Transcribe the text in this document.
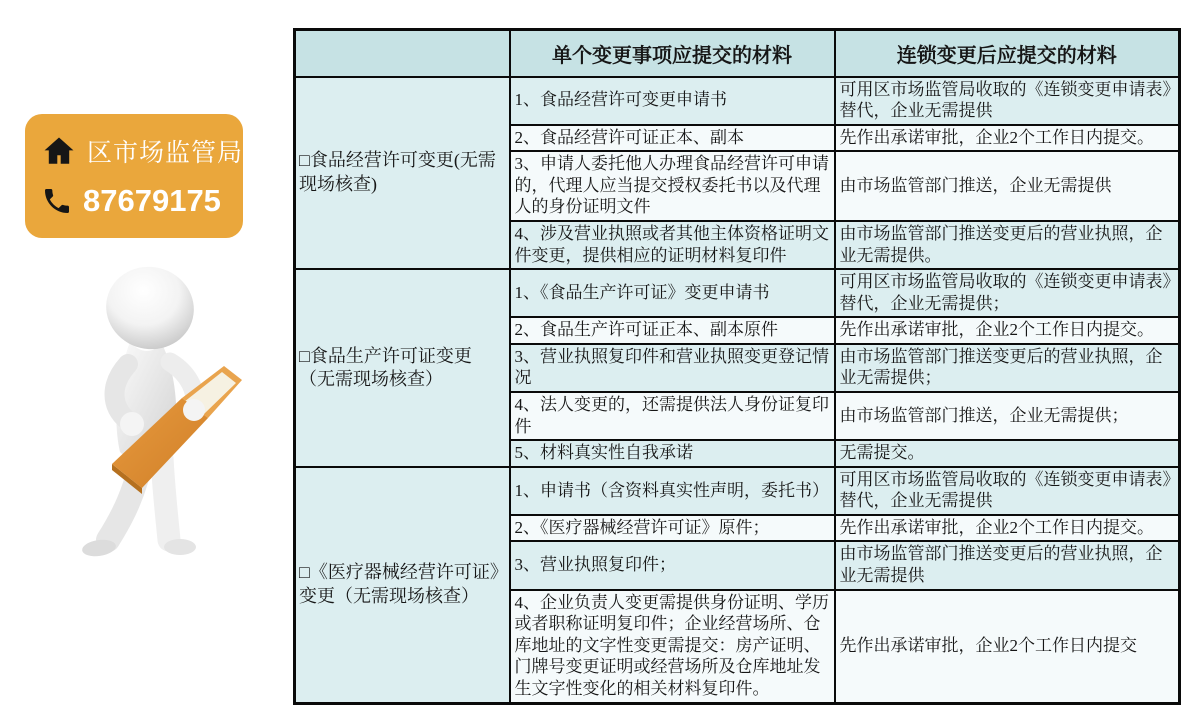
区市场监管局
87679175
	单个变更事项应提交的材料	连锁变更后应提交的材料
□食品经营许可变更(无需现场核查)	1、食品经营许可变更申请书	可用区市场监管局收取的《连锁变更申请表》替代，企业无需提供
	2、食品经营许可证正本、副本	先作出承诺审批，企业2个工作日内提交。
	3、申请人委托他人办理食品经营许可申请的，代理人应当提交授权委托书以及代理人的身份证明文件	由市场监管部门推送，企业无需提供
	4、涉及营业执照或者其他主体资格证明文件变更，提供相应的证明材料复印件	由市场监管部门推送变更后的营业执照，企业无需提供。
□食品生产许可证变更（无需现场核查）	1、《食品生产许可证》变更申请书	可用区市场监管局收取的《连锁变更申请表》替代，企业无需提供；
	2、食品生产许可证正本、副本原件	先作出承诺审批，企业2个工作日内提交。
	3、营业执照复印件和营业执照变更登记情况	由市场监管部门推送变更后的营业执照，企业无需提供；
	4、法人变更的，还需提供法人身份证复印件	由市场监管部门推送，企业无需提供；
	5、材料真实性自我承诺	无需提交。
□《医疗器械经营许可证》变更（无需现场核查）	1、申请书（含资料真实性声明，委托书）	可用区市场监管局收取的《连锁变更申请表》替代，企业无需提供
	2、《医疗器械经营许可证》原件；	先作出承诺审批，企业2个工作日内提交。
	3、营业执照复印件；	由市场监管部门推送变更后的营业执照，企业无需提供
	4、企业负责人变更需提供身份证明、学历或者职称证明复印件；企业经营场所、仓库地址的文字性变更需提交：房产证明、门牌号变更证明或经营场所及仓库地址发生文字性变化的相关材料复印件。	先作出承诺审批，企业2个工作日内提交
